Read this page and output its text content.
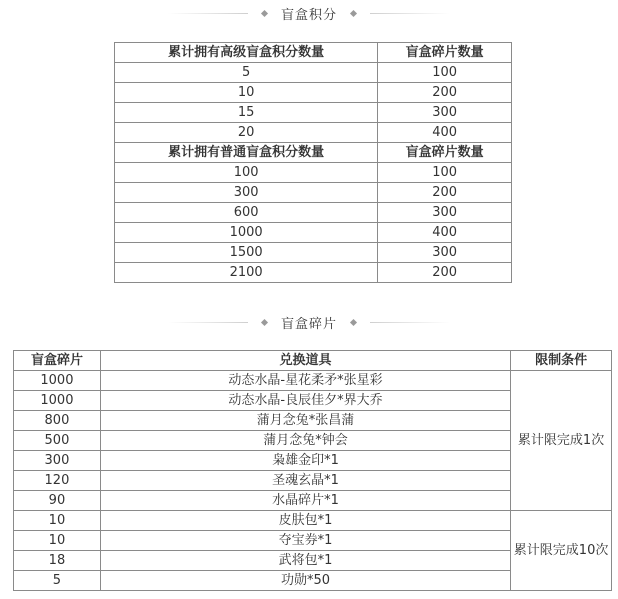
盲盒积分
累计拥有高级盲盒积分数量	盲盒碎片数量
5	100
10	200
15	300
20	400
累计拥有普通盲盒积分数量	盲盒碎片数量
100	100
300	200
600	300
1000	400
1500	300
2100	200
盲盒碎片
盲盒碎片	兑换道具	限制条件
1000	动态水晶-星花柔矛*张星彩	累计限完成1次
1000	动态水晶-良辰佳夕*界大乔	
800	蒲月念兔*张昌蒲	
500	蒲月念兔*钟会	
300	枭雄金印*1	
120	圣魂玄晶*1	
90	水晶碎片*1	
10	皮肤包*1	累计限完成10次
10	夺宝券*1	
18	武将包*1	
5	功勋*50	
